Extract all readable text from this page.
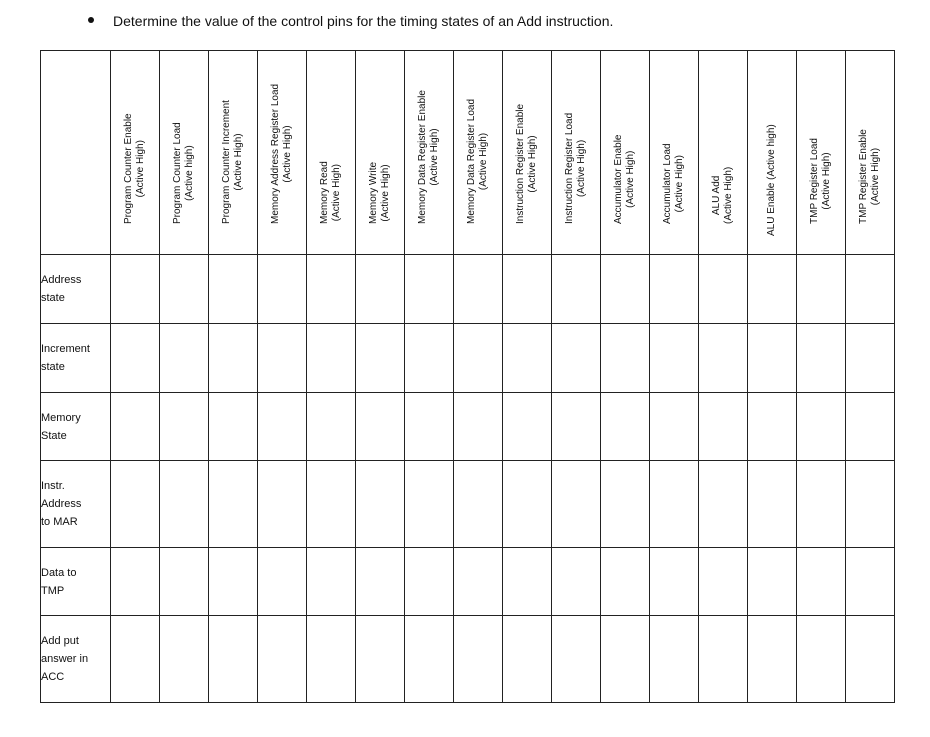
Determine the value of the control pins for the timing states of an Add instruction.

	Program Counter Enable (Active High)	Program Counter Load (Active high)	Program Counter Increment (Active High)	Memory Address Register Load (Active High)	Memory Read (Active High)	Memory Write (Active High)	Memory Data Register Enable (Active High)	Memory Data Register Load (Active High)	Instruction Register Enable (Active High)	Instruction Register Load (Active High)	Accumulator Enable (Active High)	Accumulator Load (Active High)	ALU Add (Active High)	ALU Enable (Active high)	TMP Register Load (Active High)	TMP Register Enable (Active High)

Address
state																

Increment
state																

Memory
State																

Instr.
Address
to MAR																

Data to
TMP																

Add put
answer in
ACC																
